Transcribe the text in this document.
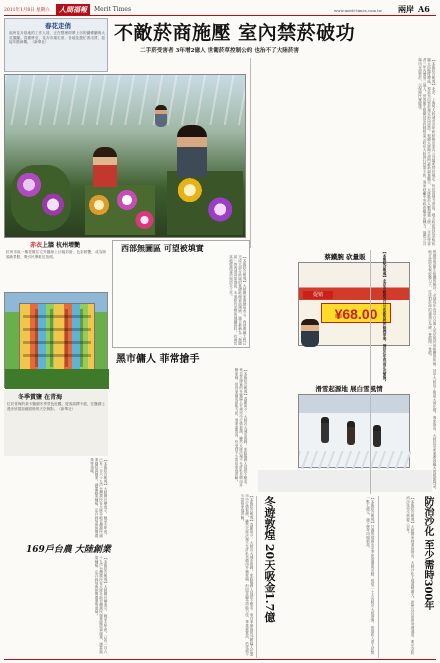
2011年1月8日 星期六	人間福報	Merit Times	www.merit-times.com.tw 兩岸 A6
不敵菸商施壓 室內禁菸破功
二手菸受害者 3年增2億人 世衛菸草控制公約 也治不了大陸菸害
春花走俏
福州花卉基地的工作人員，正在整理即將上市的蝴蝶蘭與大花蕙蘭。春節將至，花卉市場走俏，各地花農忙著出貨，迎接年節商機。（新華社）
【本報綜合報導】北京、上海等大陸城市近年紛紛推出室內公共場所禁菸規定，但菸商強力遊說，地方政府因菸草稅收龐大而態度曖昧，導致室內禁菸規定形同虛設。根據大陸衛生部門最新調查顯示，大陸吸菸人數超過三億，二手菸受害者三年內增加二億人，世界衛生組織菸草控制框架公約在大陸執行效果不彰，專家呼籲中央政府應拿出魄力，落實公共場所全面禁菸，以保障民眾健康。
赤衣上牆 杭州增艷
杭州市區一棟老舊住宅外牆繪上巨幅彩繪，色彩鮮艷，成為街頭新景點，吸引民眾駐足拍照。
冬季賞鹽 在青海
位於青海的茶卡鹽湖冬季景色壯觀，遊客絡繹不絕，在鹽湖上漫步欣賞如鏡面般的天空倒影。（新華社）
西部無圖區 可望被填實
【本報綜合報導】大陸國家測繪局表示，西部測圖工程已完成大部分區域的基礎地理資訊測繪，過去被稱為「無圖區」的西部高原地區，未來將有完整的地圖資料，有助於當地經濟建設與防災工作。	蔡鐵腕 砍量販
促销
¥68.00
黑市傭人 菲常搶手
【本報綜合報導】春節前夕，大陸各大城市保姆、家政服務人員供不應求，來自菲律賓的外籍傭人在黑市中行情看漲，雖然大陸法規不允許私自聘用外籍家傭，但因菲傭英語能力佳、專業素質高，仍受到不少富裕家庭青睞。	滑雪起源地 展白雪風情
【本報綜合報導】北京市政府近日公布新的控菸條例草案，預計在年底前正式實施。	根據世界衛生組織的統計，全球每年有近六百萬人死於與菸草相關的疾病，其中大陸佔了相當大的比例。專家指出，大陸菸草產業牽涉龐大的經濟利益，地方政府在稅收壓力下，往往對菸商的違規行為睜一隻眼閉一隻眼。
169戶台農 大陸創業
【本報綜合報導】大陸國台辦表示，截至去年底，已有一百六十九戶台灣農民在大陸各地台灣農民創業園投資創業，涵蓋蔬果種植、花卉栽培與休閒農業等領域。
【本報綜合報導】大陸國台辦表示，截至去年底，已有一百六十九戶台灣農民在大陸各地台灣農民創業園投資創業，涵蓋蔬果種植、花卉栽培與休閒農業等領域。	【本報綜合報導】春節前夕，大陸各大城市保姆、家政服務人員供不應求，來自菲律賓的外籍傭人在黑市中行情看漲，雖然大陸法規不允許私自聘用外籍家傭，但因菲傭英語能力佳、專業素質高，仍受到不少富裕家庭青睞。	冬遊敦煌 20天吸金1.7億	【本報綜合報導】甘肅敦煌推出冬季旅遊優惠活動，短短二十天內吸引大批遊客，旅遊收入達人民幣一點七億元，創下歷年同期新高。	防治沙化 至少需時300年
【本報綜合報導】大陸國家林業局指出，大陸沙化土地面積廣大，即使以目前的治理速度，要完全防治沙化至少需要三百年。
